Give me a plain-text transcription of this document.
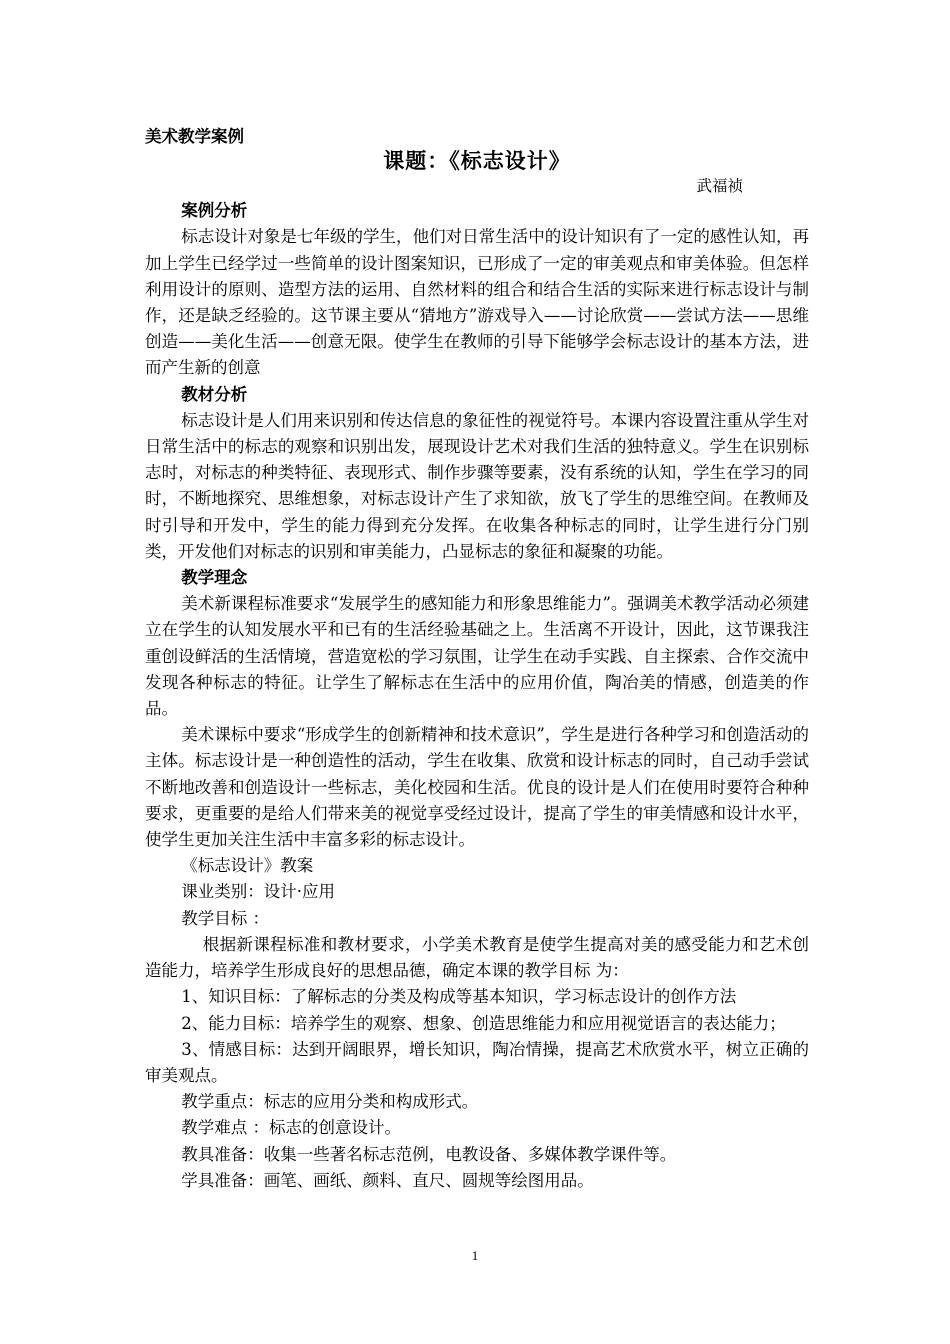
美术教学案例
课题：《标志设计》
武福祯
案例分析

标志设计对象是七年级的学生，他们对日常生活中的设计知识有了一定的感性认知，再加上学生已经学过一些简单的设计图案知识，已形成了一定的审美观点和审美体验。但怎样利用设计的原则、造型方法的运用、自然材料的组合和结合生活的实际来进行标志设计与制作，还是缺乏经验的。这节课主要从“猜地方”游戏导入——讨论欣赏——尝试方法——思维创造——美化生活——创意无限。使学生在教师的引导下能够学会标志设计的基本方法，进而产生新的创意

教材分析

标志设计是人们用来识别和传达信息的象征性的视觉符号。本课内容设置注重从学生对日常生活中的标志的观察和识别出发，展现设计艺术对我们生活的独特意义。学生在识别标志时，对标志的种类特征、表现形式、制作步骤等要素，没有系统的认知，学生在学习的同时，不断地探究、思维想象，对标志设计产生了求知欲，放飞了学生的思维空间。在教师及时引导和开发中，学生的能力得到充分发挥。在收集各种标志的同时，让学生进行分门别类，开发他们对标志的识别和审美能力，凸显标志的象征和凝聚的功能。

教学理念

美术新课程标准要求“发展学生的感知能力和形象思维能力”。强调美术教学活动必须建立在学生的认知发展水平和已有的生活经验基础之上。生活离不开设计，因此，这节课我注重创设鲜活的生活情境，营造宽松的学习氛围，让学生在动手实践、自主探索、合作交流中发现各种标志的特征。让学生了解标志在生活中的应用价值，陶冶美的情感，创造美的作品。

美术课标中要求“形成学生的创新精神和技术意识”，学生是进行各种学习和创造活动的主体。标志设计是一种创造性的活动，学生在收集、欣赏和设计标志的同时，自己动手尝试不断地改善和创造设计一些标志，美化校园和生活。优良的设计是人们在使用时要符合种种要求，更重要的是给人们带来美的视觉享受经过设计，提高了学生的审美情感和设计水平，使学生更加关注生活中丰富多彩的标志设计。

《标志设计》教案

课业类别：设计·应用

教学目标 ：

根据新课程标准和教材要求，小学美术教育是使学生提高对美的感受能力和艺术创造能力，培养学生形成良好的思想品德，确定本课的教学目标 为：

1、知识目标：了解标志的分类及构成等基本知识，学习标志设计的创作方法

2、能力目标：培养学生的观察、想象、创造思维能力和应用视觉语言的表达能力；

3、情感目标：达到开阔眼界，增长知识，陶冶情操，提高艺术欣赏水平，树立正确的审美观点。

教学重点：标志的应用分类和构成形式。

教学难点 ：标志的创意设计。

教具准备：收集一些著名标志范例，电教设备、多媒体教学课件等。

学具准备：画笔、画纸、颜料、直尺、圆规等绘图用品。

1
